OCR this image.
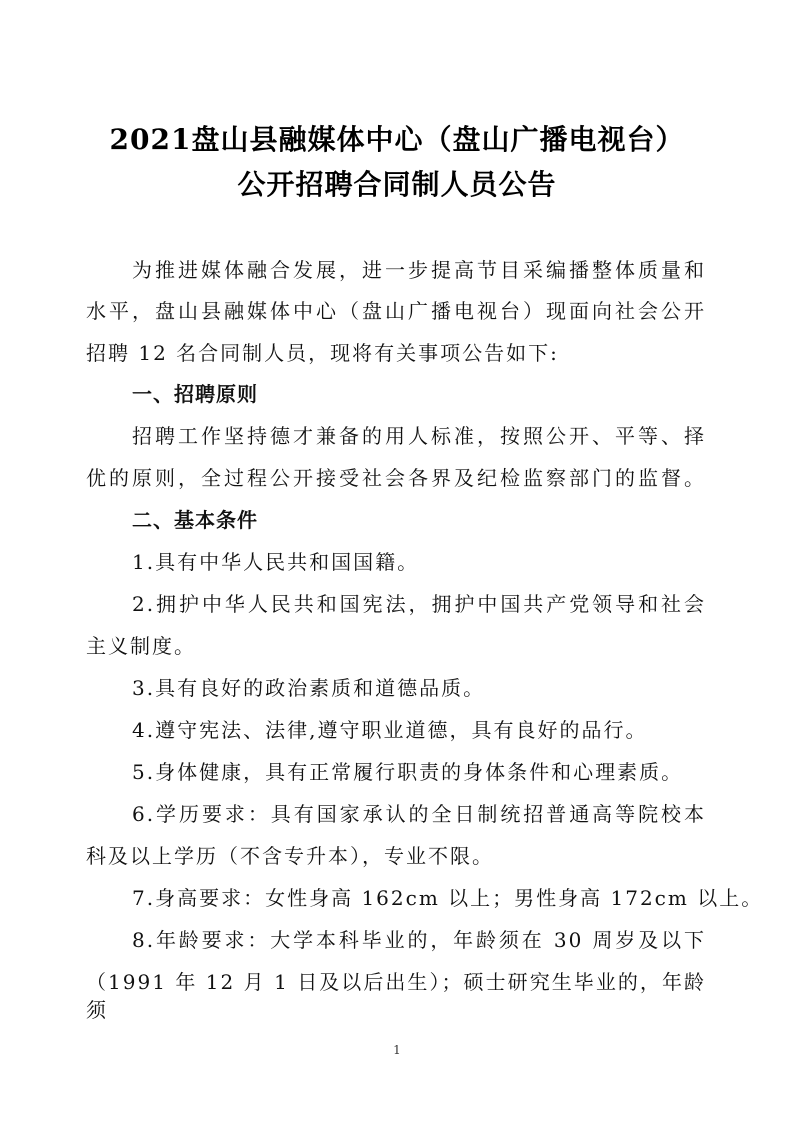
2021盘山县融媒体中心（盘山广播电视台）
公开招聘合同制人员公告
为推进媒体融合发展，进一步提高节目采编播整体质量和
水平，盘山县融媒体中心（盘山广播电视台）现面向社会公开
招聘 12 名合同制人员，现将有关事项公告如下:
一、招聘原则
招聘工作坚持德才兼备的用人标准，按照公开、平等、择
优的原则，全过程公开接受社会各界及纪检监察部门的监督。
二、基本条件
1.具有中华人民共和国国籍。
2.拥护中华人民共和国宪法，拥护中国共产党领导和社会
主义制度。
3.具有良好的政治素质和道德品质。
4.遵守宪法、法律,遵守职业道德，具有良好的品行。
5.身体健康，具有正常履行职责的身体条件和心理素质。
6.学历要求：具有国家承认的全日制统招普通高等院校本
科及以上学历（不含专升本），专业不限。
7.身高要求：女性身高 162cm 以上；男性身高 172cm 以上。
8.年龄要求：大学本科毕业的，年龄须在 30 周岁及以下
（1991 年 12 月 1 日及以后出生）；硕士研究生毕业的，年龄须
1
